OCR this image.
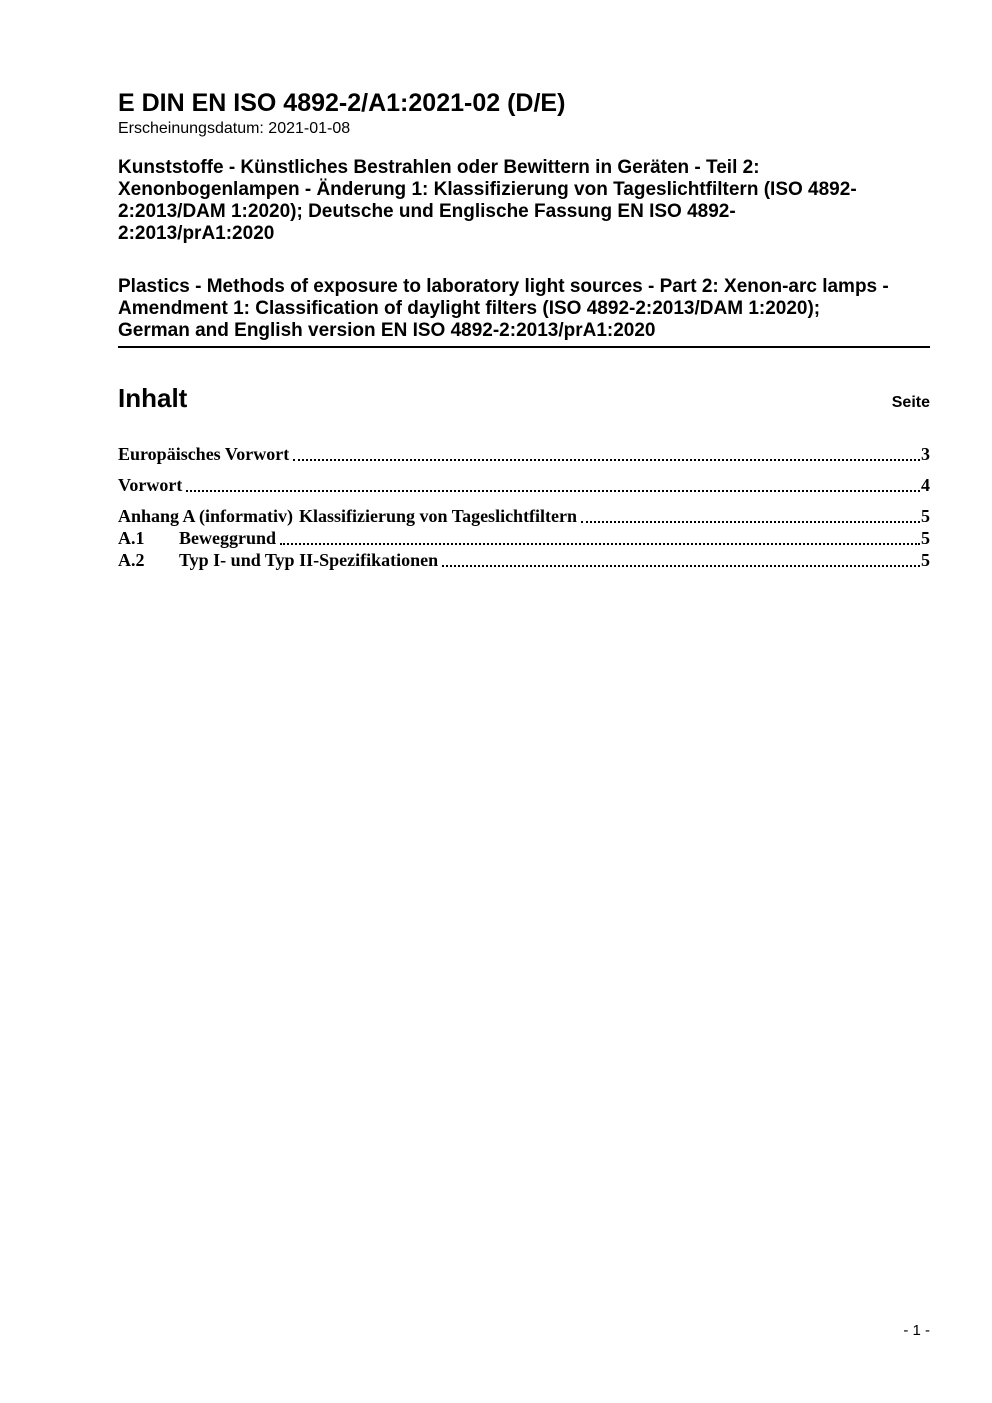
E DIN EN ISO 4892-2/A1:2021-02 (D/E)
Erscheinungsdatum: 2021-01-08
Kunststoffe - Künstliches Bestrahlen oder Bewittern in Geräten - Teil 2:
Xenonbogenlampen - Änderung 1: Klassifizierung von Tageslichtfiltern (ISO 4892-
2:2013/DAM 1:2020); Deutsche und Englische Fassung EN ISO 4892-
2:2013/prA1:2020
Plastics - Methods of exposure to laboratory light sources - Part 2: Xenon-arc lamps -
Amendment 1: Classification of daylight filters (ISO 4892-2:2013/DAM 1:2020);
German and English version EN ISO 4892-2:2013/prA1:2020
Inhalt	Seite
Europäisches Vorwort	3
Vorwort	4
Anhang A (informativ) Klassifizierung von Tageslichtfiltern	5
A.1	Beweggrund	5
A.2	Typ I- und Typ II-Spezifikationen	5
- 1 -
